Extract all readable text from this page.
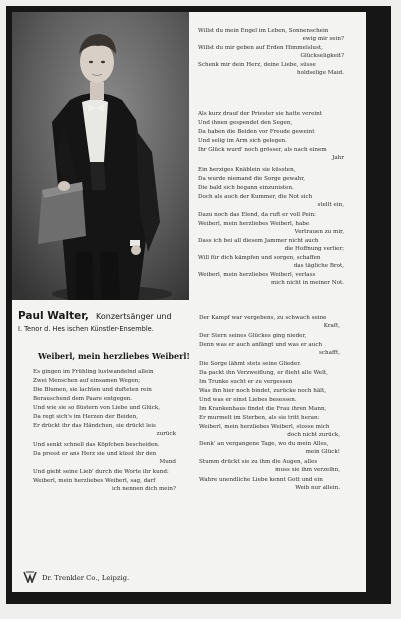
Willst du mein Engel im Leben, Sonnenschein
ewig mir sein?
Willst du mir geben auf Erden Himmelslust,
Glückseligkeit?
Schenk mir dein Herz, deine Liebe, süsse
holdselige Maid.
Als kurz drauf der Priester sie hatte vereint
Und ihnen gespendet den Segen,
Da haben die Beiden vor Freude geweint
Und selig im Arm sich gelegen.
Ihr Glück wurd' noch grösser, als nach einem
Jahr
Ein herziges Knäblein sie küssten,
Da wurde niemand die Sorge gewahr,
Die bald sich begann einzunisten.
Doch als auch der Kummer, die Not sich
stellt ein,
Dazu noch das Elend, da ruft er voll Pein:
Weiberl, mein herzliebes Weiberl, habe
Vertrauen zu mir,
Dass ich bei all diesem Jammer nicht auch
die Hoffnung verlier;
Will für dich kämpfen und sorgen, schaffen
das tägliche Brot,
Weiberl, mein herzliebes Weiberl, verlass
mich nicht in meiner Not.
Paul Walter, Konzertsänger und
I. Tenor d. Hes ischen Künstler-Ensemble.
Weiberl, mein herzliebes Weiberl!
Es gingen im Frühling lustwandelnd allein
Zwei Menschen auf einsamen Wegen;
Die Blumen, sie lachten und dufteten rein
Berauschend dem Paare entgegen.
Und wie sie so flüstern von Liebe und Glück,
Da regt sich's im Herzen der Beiden,
Er drückt ihr das Händchen, sie drückt leis
zurück
Und senkt schnell das Köpfchen bescheiden.
Da presst er ans Herz sie und küsst ihr den
Mund
Und giebt seine Lieb' durch die Worte ihr kund:
Weiberl, mein herzliebes Weiberl, sag, darf
ich nennen dich mein?
Der Kampf war vergebens, zu schwach seine
Kraft,
Der Stern seines Glückes ging nieder,
Denn was er auch anfängt und was er auch
schafft,
Die Sorge lähmt stets seine Glieder.
Da packt ihn Verzweiflung, er flieht alle Welt,
Im Trunke sucht er zu vergessen
Was ihn hier noch bindet, zurücke noch hält,
Und was er einst Liebes besessen.
Im Krankenhaus findet die Frau ihren Mann,
Er murmelt im Sterben, als sie tritt heran:
Weiberl, mein herzliebes Weiberl, stosse mich
doch nicht zurück,
Denk' an vergangene Tage, wo du mein Alles,
mein Glück!
Stumm drückt sie zu ihm die Augen, alles
muss sie ihm verzeihn,
Wahre unendliche Liebe kennt Gott und ein
Weib nur allein.
Dr. Trenkler Co., Leipzig.
